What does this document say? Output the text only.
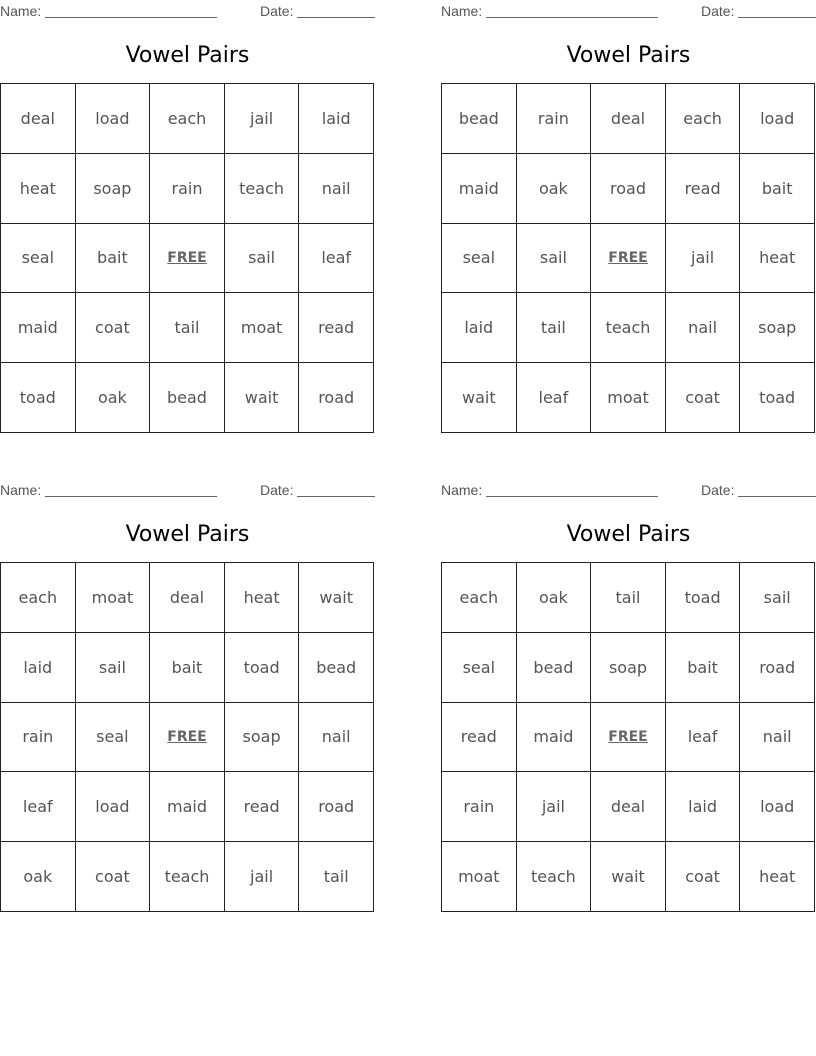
Name:	Date:
Vowel Pairs
deal	load	each	jail	laid
heat	soap	rain	teach	nail
seal	bait	FREE	sail	leaf
maid	coat	tail	moat	read
toad	oak	bead	wait	road
Name:	Date:
Vowel Pairs
bead	rain	deal	each	load
maid	oak	road	read	bait
seal	sail	FREE	jail	heat
laid	tail	teach	nail	soap
wait	leaf	moat	coat	toad
Name:	Date:
Vowel Pairs
each	moat	deal	heat	wait
laid	sail	bait	toad	bead
rain	seal	FREE	soap	nail
leaf	load	maid	read	road
oak	coat	teach	jail	tail
Name:	Date:
Vowel Pairs
each	oak	tail	toad	sail
seal	bead	soap	bait	road
read	maid	FREE	leaf	nail
rain	jail	deal	laid	load
moat	teach	wait	coat	heat
